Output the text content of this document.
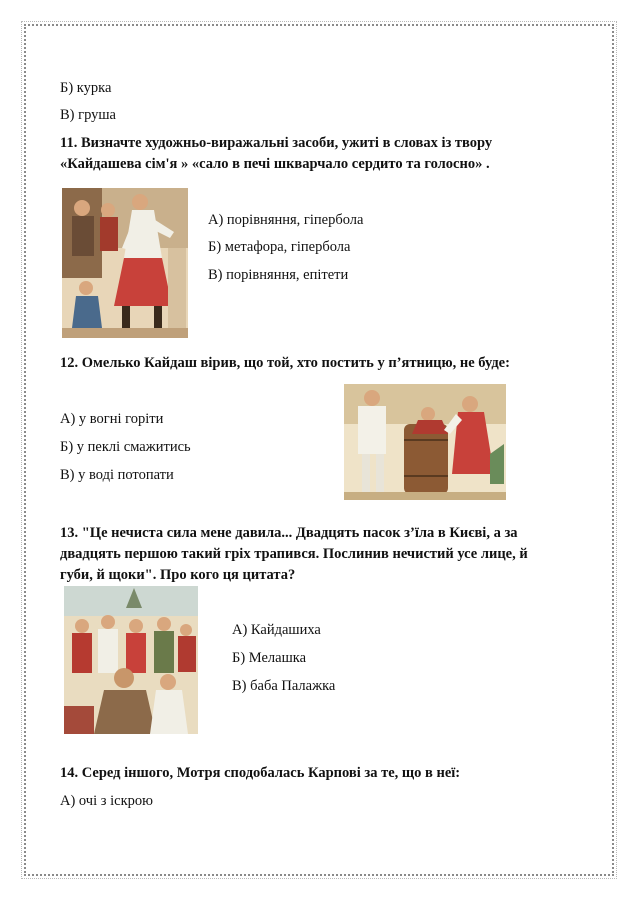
Б) курка
В) груша
11. Визначте художньо-виражальні засоби, ужиті в словах із твору
«Кайдашева сім'я » «сало в печі шкварчало сердито та голосно» .
А) порівняння, гіпербола
Б) метафора, гіпербола
В) порівняння, епітети
12. Омелько Кайдаш вірив, що той, хто постить у п’ятницю, не буде:
А) у вогні горіти
Б) у пеклі смажитись
В) у воді потопати
13. "Це нечиста сила мене давила... Двадцять пасок з’їла в Києві, а за
двадцять першою такий гріх трапився. Послинив нечистий усе лице, й
губи, й щоки". Про кого ця цитата?
А) Кайдашиха
Б) Мелашка
В) баба Палажка
14. Серед іншого, Мотря сподобалась Карпові за те, що в неї:
А) очі з іскрою
